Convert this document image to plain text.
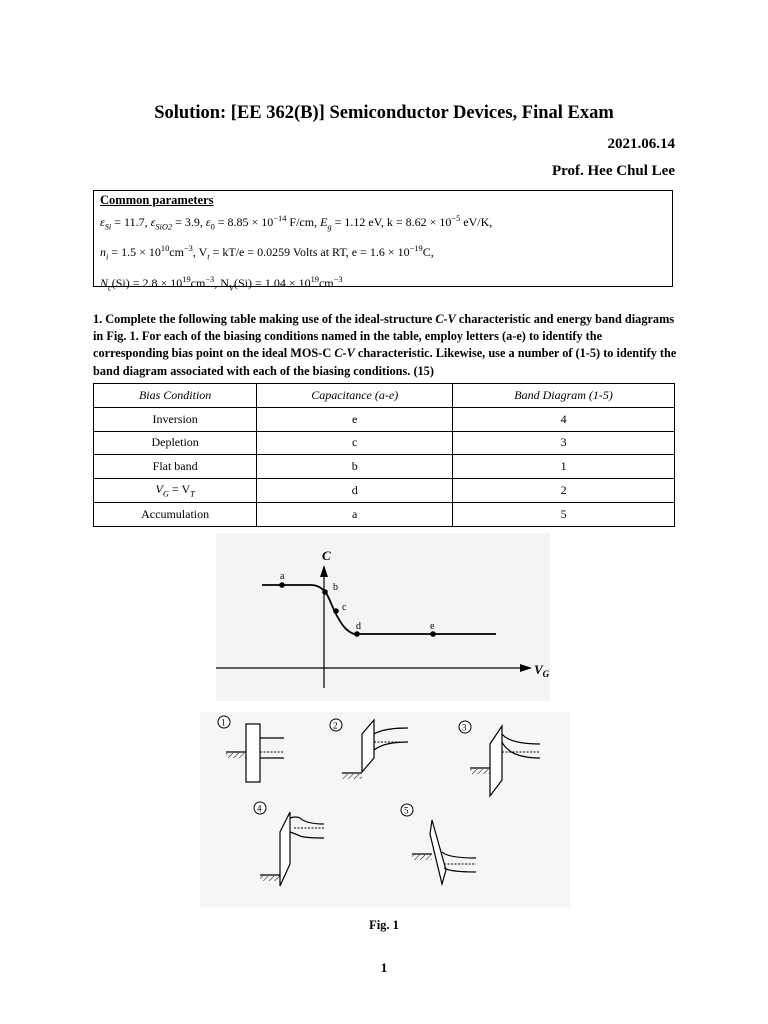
Solution: [EE 362(B)] Semiconductor Devices, Final Exam
2021.06.14
Prof. Hee Chul Lee
Common parameters
$\varepsilon_{Si} = 11.7$, $\varepsilon_{SiO2} = 3.9$, $\varepsilon_0 = 8.85 \times 10^{-14}$ F/cm, $E_g = 1.12$ eV, $k = 8.62 \times 10^{-5}$ eV/K,
$n_i = 1.5 \times 10^{10}cm^{-3}$, $V_t = kT/e = 0.0259$ Volts at RT, $e = 1.6 \times 10^{-19}C$,
$N_c(Si) = 2.8 \times 10^{19}cm^{-3}$, $N_V(Si) = 1.04 \times 10^{19}cm^{-3}$
1. Complete the following table making use of the ideal-structure C-V characteristic and energy band diagrams in Fig. 1. For each of the biasing conditions named in the table, employ letters (a-e) to identify the corresponding bias point on the ideal MOS-C C-V characteristic. Likewise, use a number of (1-5) to identify the band diagram associated with each of the biasing conditions. (15)
Bias Condition	Capacitance (a-e)	Band Diagram (1-5)
Inversion	e	4
Depletion	c	3
Flat band	b	1
$V_G = V_T$	d	2
Accumulation	a	5
C
$V_G$
a
b
c
d	e
1	2	3
4	5
Fig. 1
1
